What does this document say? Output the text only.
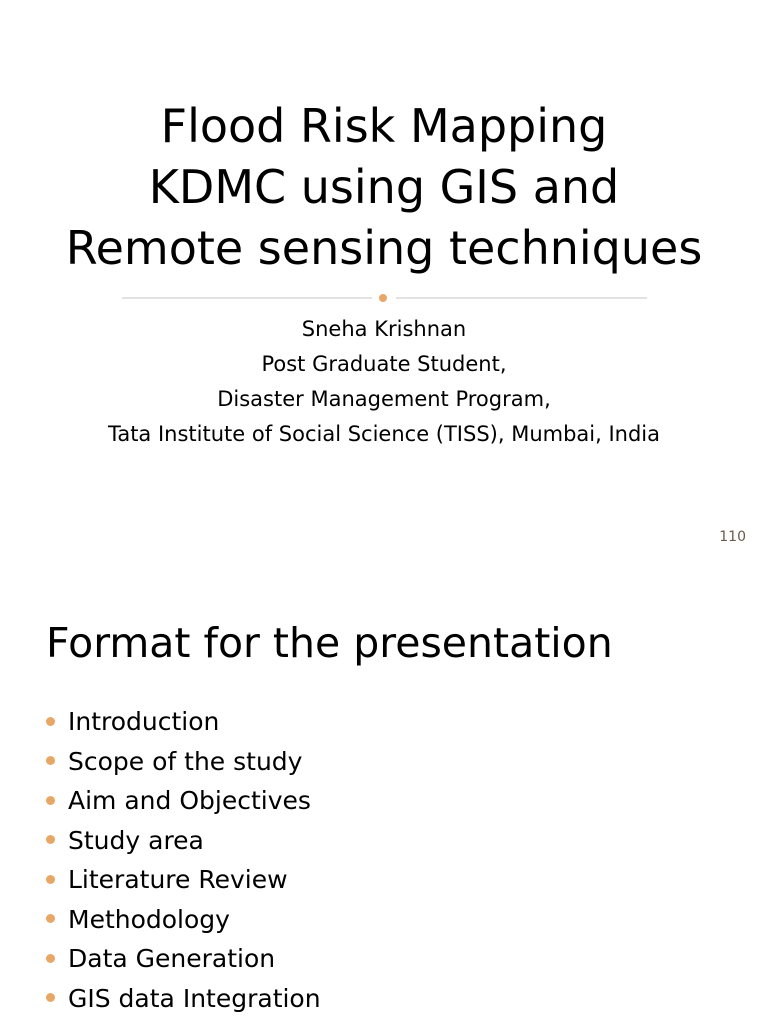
Flood Risk Mapping
KDMC using GIS and
Remote sensing techniques
Sneha Krishnan
Post Graduate Student,
Disaster Management Program,
Tata Institute of Social Science (TISS), Mumbai, India
110
Format for the presentation
Introduction
Scope of the study
Aim and Objectives
Study area
Literature Review
Methodology
Data Generation
GIS data Integration
